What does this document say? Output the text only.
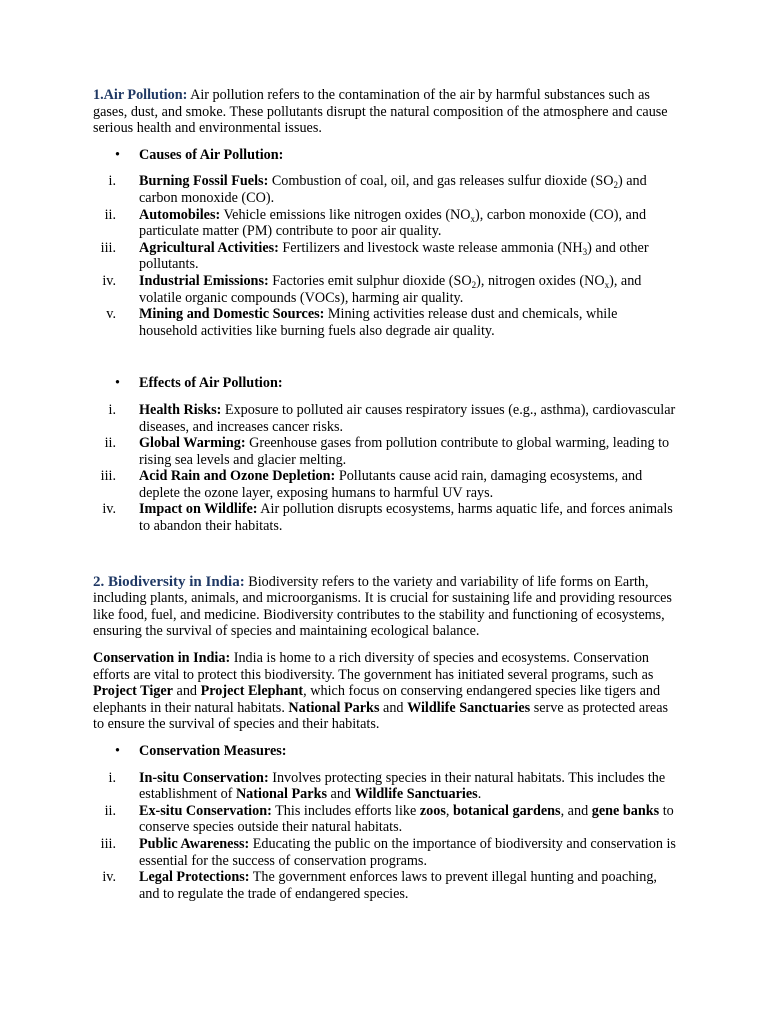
1.Air Pollution: Air pollution refers to the contamination of the air by harmful substances such as gases, dust, and smoke. These pollutants disrupt the natural composition of the atmosphere and cause serious health and environmental issues.

• Causes of Air Pollution:
i. Burning Fossil Fuels: Combustion of coal, oil, and gas releases sulfur dioxide $(SO_2)$ and carbon monoxide (CO).
ii. Automobiles: Vehicle emissions like nitrogen oxides $(NO_x)$, carbon monoxide (CO), and particulate matter (PM) contribute to poor air quality.
iii. Agricultural Activities: Fertilizers and livestock waste release ammonia $(NH_3)$ and other pollutants.
iv. Industrial Emissions: Factories emit sulphur dioxide $(SO_2)$, nitrogen oxides $(NO_x)$, and volatile organic compounds (VOCs), harming air quality.
v. Mining and Domestic Sources: Mining activities release dust and chemicals, while household activities like burning fuels also degrade air quality.
• Effects of Air Pollution:
i. Health Risks: Exposure to polluted air causes respiratory issues (e.g., asthma), cardiovascular diseases, and increases cancer risks.
ii. Global Warming: Greenhouse gases from pollution contribute to global warming, leading to rising sea levels and glacier melting.
iii. Acid Rain and Ozone Depletion: Pollutants cause acid rain, damaging ecosystems, and deplete the ozone layer, exposing humans to harmful UV rays.
iv. Impact on Wildlife: Air pollution disrupts ecosystems, harms aquatic life, and forces animals to abandon their habitats.

2. Biodiversity in India: Biodiversity refers to the variety and variability of life forms on Earth, including plants, animals, and microorganisms. It is crucial for sustaining life and providing resources like food, fuel, and medicine. Biodiversity contributes to the stability and functioning of ecosystems, ensuring the survival of species and maintaining ecological balance.

Conservation in India: India is home to a rich diversity of species and ecosystems. Conservation efforts are vital to protect this biodiversity. The government has initiated several programs, such as Project Tiger and Project Elephant, which focus on conserving endangered species like tigers and elephants in their natural habitats. National Parks and Wildlife Sanctuaries serve as protected areas to ensure the survival of species and their habitats.

• Conservation Measures:
i. In-situ Conservation: Involves protecting species in their natural habitats. This includes the establishment of National Parks and Wildlife Sanctuaries.
ii. Ex-situ Conservation: This includes efforts like zoos, botanical gardens, and gene banks to conserve species outside their natural habitats.
iii. Public Awareness: Educating the public on the importance of biodiversity and conservation is essential for the success of conservation programs.
iv. Legal Protections: The government enforces laws to prevent illegal hunting and poaching, and to regulate the trade of endangered species.
